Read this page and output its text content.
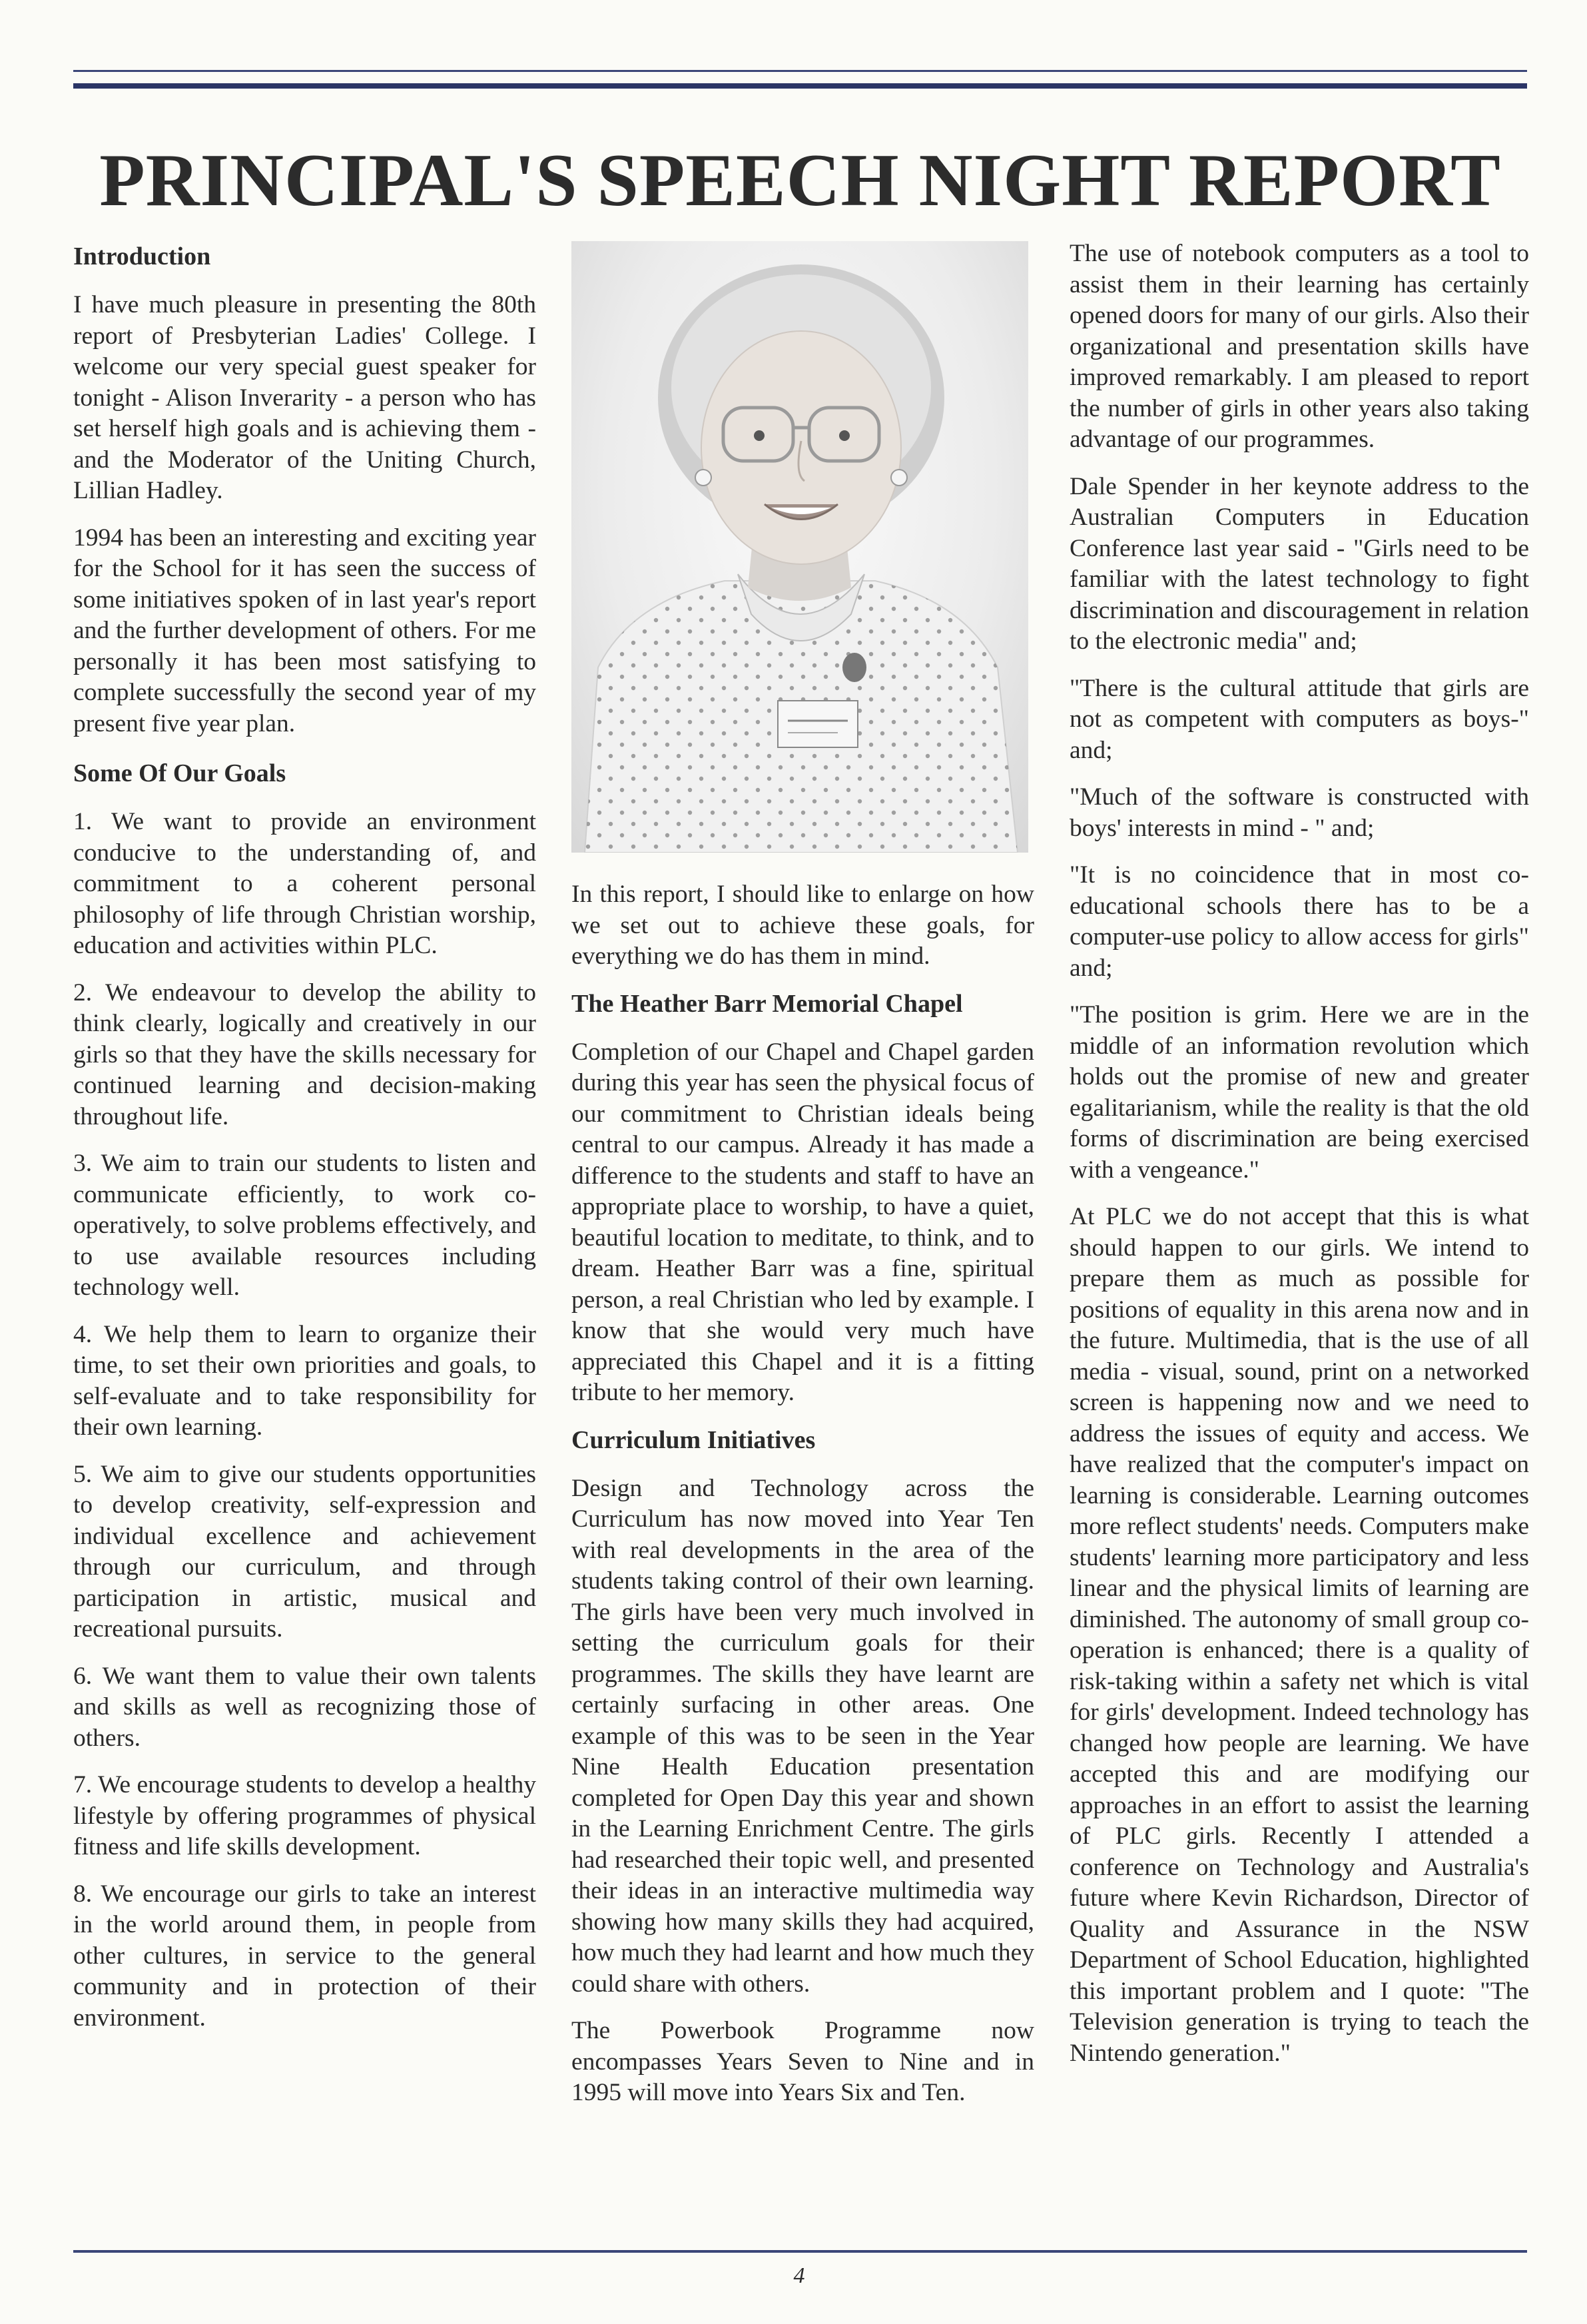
PRINCIPAL'S SPEECH NIGHT REPORT
Introduction

I have much pleasure in presenting the 80th report of Presbyterian Ladies' College. I welcome our very special guest speaker for tonight - Alison Inverarity - a person who has set herself high goals and is achieving them - and the Moderator of the Uniting Church, Lillian Hadley.

1994 has been an interesting and exciting year for the School for it has seen the success of some initiatives spoken of in last year's report and the further development of others. For me personally it has been most satisfying to complete successfully the second year of my present five year plan.

Some Of Our Goals

1. We want to provide an environment conducive to the understanding of, and commitment to a coherent personal philosophy of life through Christian worship, education and activities within PLC.

2. We endeavour to develop the ability to think clearly, logically and creatively in our girls so that they have the skills necessary for continued learning and decision-making throughout life.

3. We aim to train our students to listen and communicate efficiently, to work co-operatively, to solve problems effectively, and to use available resources including technology well.

4. We help them to learn to organize their time, to set their own priorities and goals, to self-evaluate and to take responsibility for their own learning.

5. We aim to give our students opportunities to develop creativity, self-expression and individual excellence and achievement through our curriculum, and through participation in artistic, musical and recreational pursuits.

6. We want them to value their own talents and skills as well as recognizing those of others.

7. We encourage students to develop a healthy lifestyle by offering programmes of physical fitness and life skills development.

8. We encourage our girls to take an interest in the world around them, in people from other cultures, in service to the general community and in protection of their environment.

In this report, I should like to enlarge on how we set out to achieve these goals, for everything we do has them in mind.

The Heather Barr Memorial Chapel

Completion of our Chapel and Chapel garden during this year has seen the physical focus of our commitment to Christian ideals being central to our campus. Already it has made a difference to the students and staff to have an appropriate place to worship, to have a quiet, beautiful location to meditate, to think, and to dream. Heather Barr was a fine, spiritual person, a real Christian who led by example. I know that she would very much have appreciated this Chapel and it is a fitting tribute to her memory.

Curriculum Initiatives

Design and Technology across the Curriculum has now moved into Year Ten with real developments in the area of the students taking control of their own learning. The girls have been very much involved in setting the curriculum goals for their programmes. The skills they have learnt are certainly surfacing in other areas. One example of this was to be seen in the Year Nine Health Education presentation completed for Open Day this year and shown in the Learning Enrichment Centre. The girls had researched their topic well, and presented their ideas in an interactive multimedia way showing how many skills they had acquired, how much they had learnt and how much they could share with others.

The Powerbook Programme now encompasses Years Seven to Nine and in 1995 will move into Years Six and Ten.

The use of notebook computers as a tool to assist them in their learning has certainly opened doors for many of our girls. Also their organizational and presentation skills have improved remarkably. I am pleased to report the number of girls in other years also taking advantage of our programmes.

Dale Spender in her keynote address to the Australian Computers in Education Conference last year said - "Girls need to be familiar with the latest technology to fight discrimination and discouragement in relation to the electronic media" and;

"There is the cultural attitude that girls are not as competent with computers as boys-" and;

"Much of the software is constructed with boys' interests in mind - " and;

"It is no coincidence that in most co-educational schools there has to be a computer-use policy to allow access for girls" and;

"The position is grim. Here we are in the middle of an information revolution which holds out the promise of new and greater egalitarianism, while the reality is that the old forms of discrimination are being exercised with a vengeance."

At PLC we do not accept that this is what should happen to our girls. We intend to prepare them as much as possible for positions of equality in this arena now and in the future. Multimedia, that is the use of all media - visual, sound, print on a networked screen is happening now and we need to address the issues of equity and access. We have realized that the computer's impact on learning is considerable. Learning outcomes more reflect students' needs. Computers make students' learning more participatory and less linear and the physical limits of learning are diminished. The autonomy of small group co-operation is enhanced; there is a quality of risk-taking within a safety net which is vital for girls' development. Indeed technology has changed how people are learning. We have accepted this and are modifying our approaches in an effort to assist the learning of PLC girls. Recently I attended a conference on Technology and Australia's future where Kevin Richardson, Director of Quality and Assurance in the NSW Department of School Education, highlighted this important problem and I quote: "The Television generation is trying to teach the Nintendo generation."

4
